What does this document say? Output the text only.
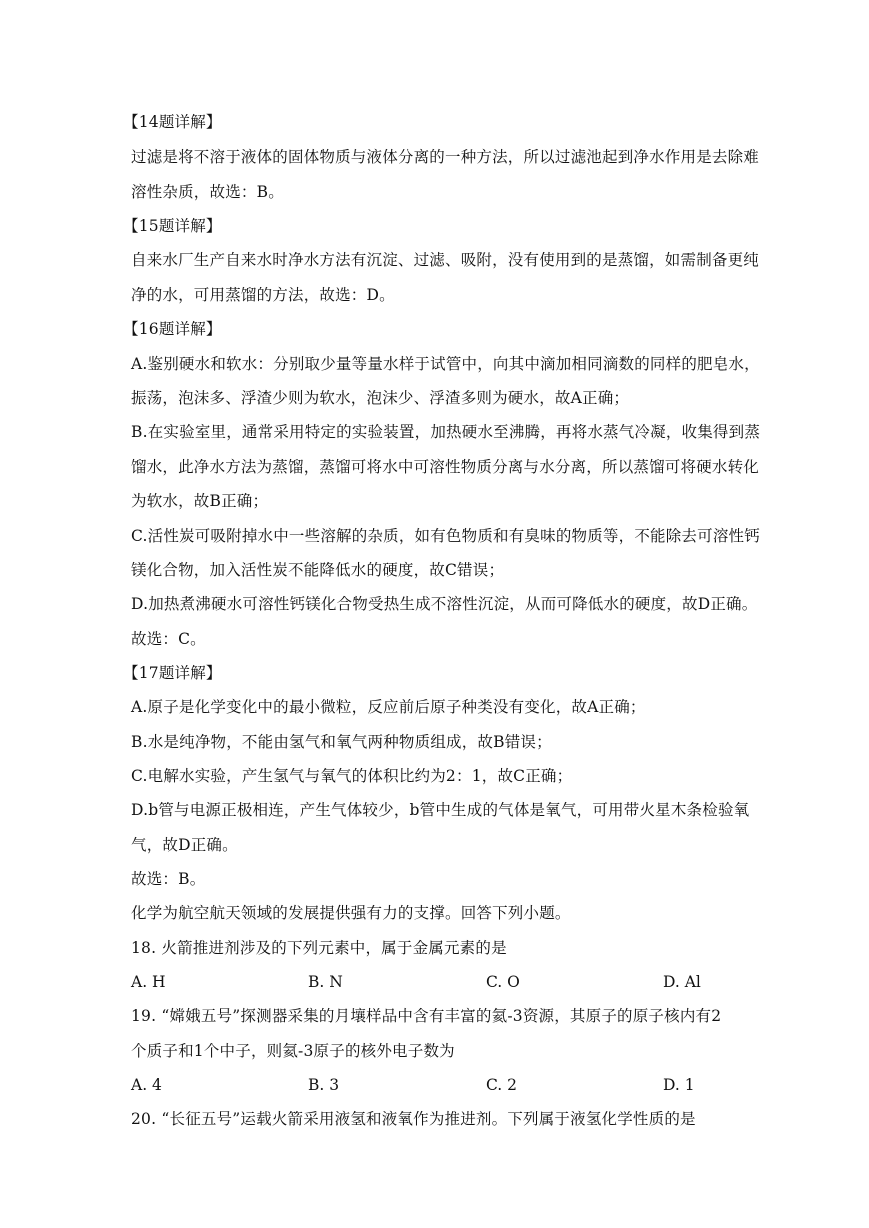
【14题详解】
过滤是将不溶于液体的固体物质与液体分离的一种方法，所以过滤池起到净水作用是去除难
溶性杂质，故选：B。
【15题详解】
自来水厂生产自来水时净水方法有沉淀、过滤、吸附，没有使用到的是蒸馏，如需制备更纯
净的水，可用蒸馏的方法，故选：D。
【16题详解】
A.鉴别硬水和软水：分别取少量等量水样于试管中，向其中滴加相同滴数的同样的肥皂水，
振荡，泡沫多、浮渣少则为软水，泡沫少、浮渣多则为硬水，故A正确；
B.在实验室里，通常采用特定的实验装置，加热硬水至沸腾，再将水蒸气冷凝，收集得到蒸
馏水，此净水方法为蒸馏，蒸馏可将水中可溶性物质分离与水分离，所以蒸馏可将硬水转化
为软水，故B正确；
C.活性炭可吸附掉水中一些溶解的杂质，如有色物质和有臭味的物质等，不能除去可溶性钙
镁化合物，加入活性炭不能降低水的硬度，故C错误；
D.加热煮沸硬水可溶性钙镁化合物受热生成不溶性沉淀，从而可降低水的硬度，故D正确。
故选：C。
【17题详解】
A.原子是化学变化中的最小微粒，反应前后原子种类没有变化，故A正确；
B.水是纯净物，不能由氢气和氧气两种物质组成，故B错误；
C.电解水实验，产生氢气与氧气的体积比约为2：1，故C正确；
D.b管与电源正极相连，产生气体较少，b管中生成的气体是氧气，可用带火星木条检验氧
气，故D正确。
故选：B。
化学为航空航天领域的发展提供强有力的支撑。回答下列小题。
18. 火箭推进剂涉及的下列元素中，属于金属元素的是
A. H	B. N	C. O	D. Al
19. “嫦娥五号”探测器采集的月壤样品中含有丰富的氦-3资源，其原子的原子核内有2
个质子和1个中子，则氦-3原子的核外电子数为
A. 4	B. 3	C. 2	D. 1
20. “长征五号”运载火箭采用液氢和液氧作为推进剂。下列属于液氢化学性质的是
